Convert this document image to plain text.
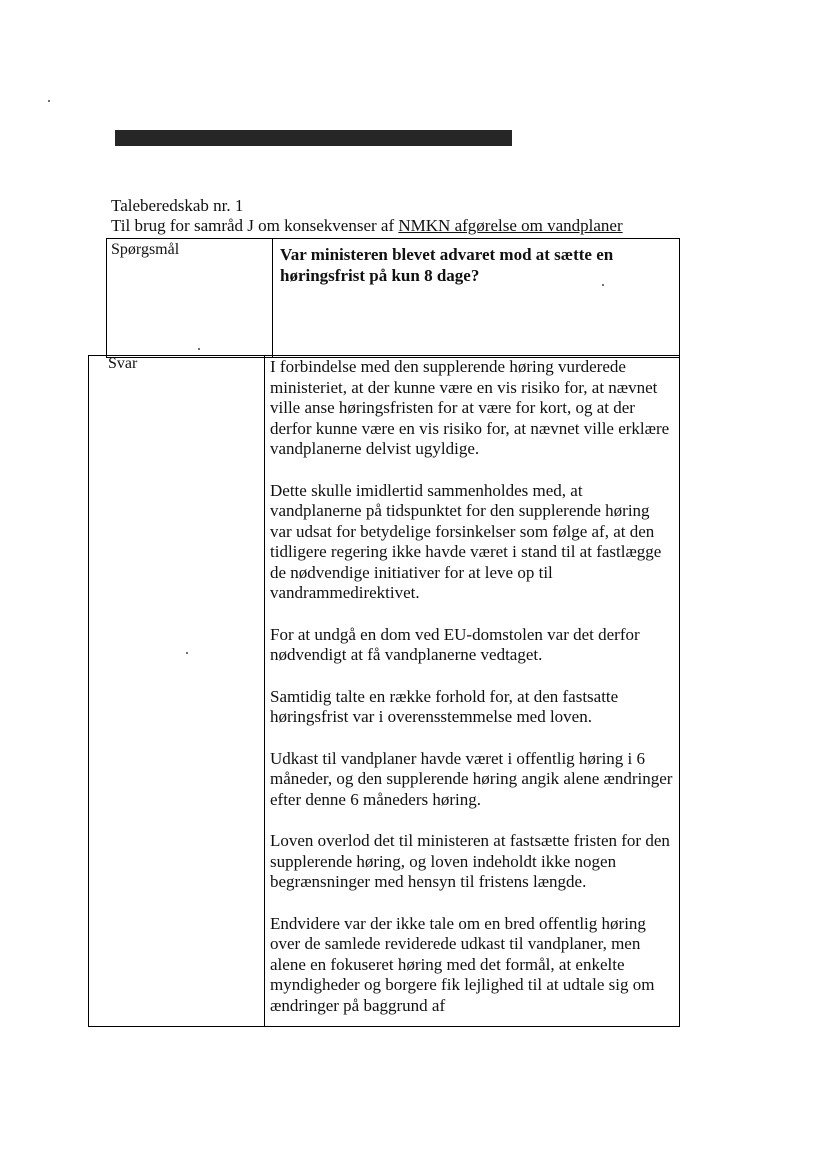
Taleberedskab nr. 1

Til brug for samråd J om konsekvenser af NMKN afgørelse om vandplaner

Spørgsmål	Var ministeren blevet advaret mod at sætte en høringsfrist på kun 8 dage?

Svar	I forbindelse med den supplerende høring vurderede ministeriet, at der kunne være en vis risiko for, at nævnet ville anse høringsfristen for at være for kort, og at der derfor kunne være en vis risiko for, at nævnet ville erklære vandplanerne delvist ugyldige.

Dette skulle imidlertid sammenholdes med, at vandplanerne på tidspunktet for den supplerende høring var udsat for betydelige forsinkelser som følge af, at den tidligere regering ikke havde været i stand til at fastlægge de nødvendige initiativer for at leve op til vandrammedirektivet.

For at undgå en dom ved EU-domstolen var det derfor nødvendigt at få vandplanerne vedtaget.

Samtidig talte en række forhold for, at den fastsatte høringsfrist var i overensstemmelse med loven.

Udkast til vandplaner havde været i offentlig høring i 6 måneder, og den supplerende høring angik alene ændringer efter denne 6 måneders høring.

Loven overlod det til ministeren at fastsætte fristen for den supplerende høring, og loven indeholdt ikke nogen begrænsninger med hensyn til fristens længde.

Endvidere var der ikke tale om en bred offentlig høring over de samlede reviderede udkast til vandplaner, men alene en fokuseret høring med det formål, at enkelte myndigheder og borgere fik lejlighed til at udtale sig om ændringer på baggrund af
